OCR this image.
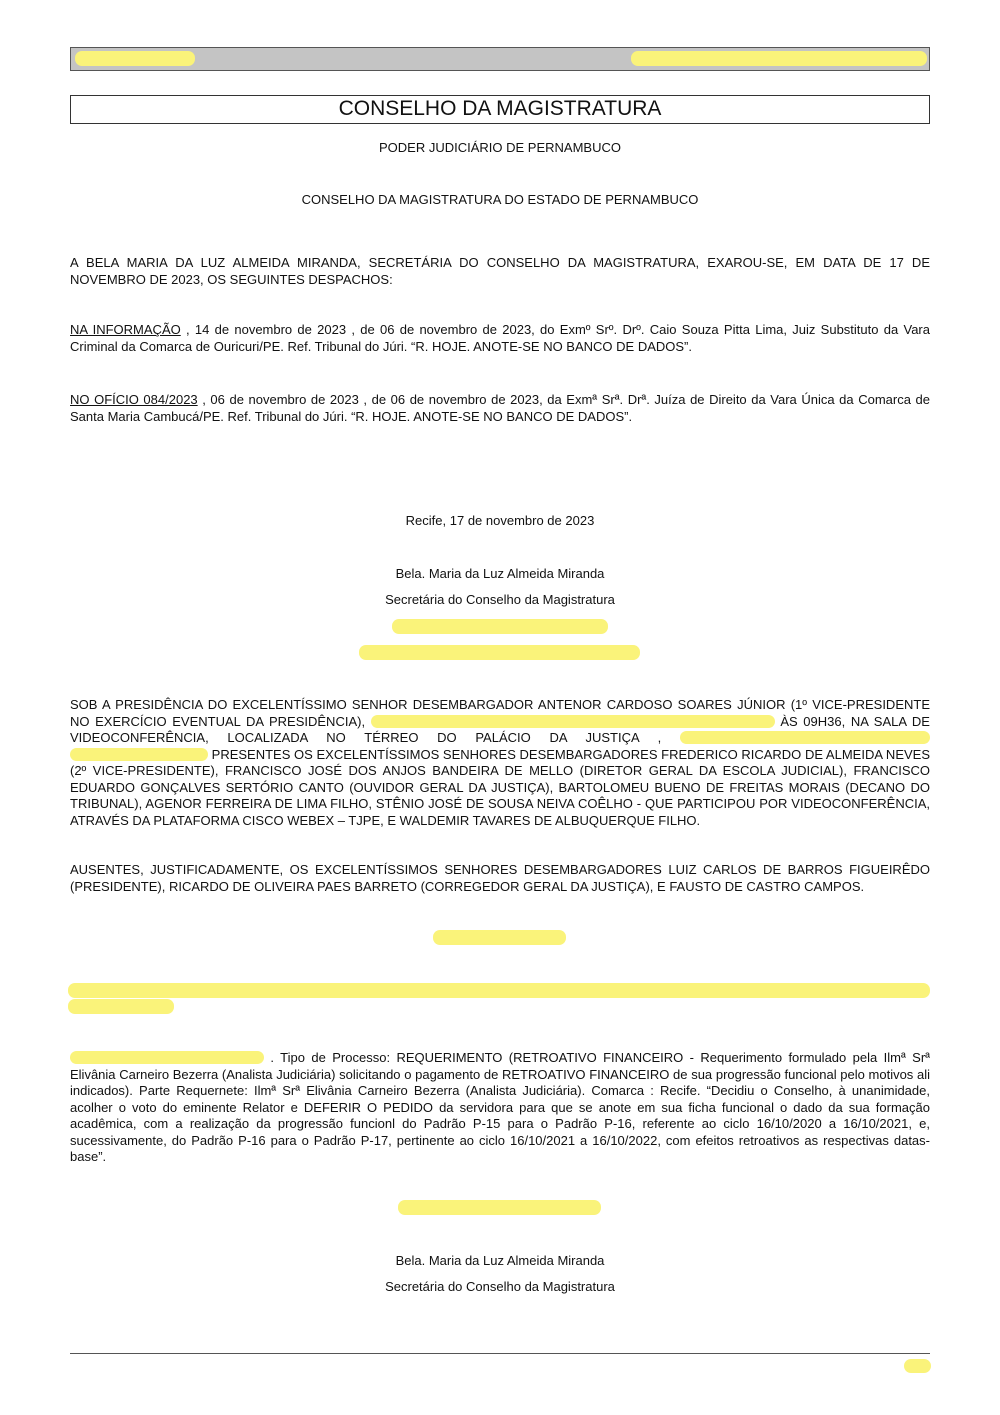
CONSELHO DA MAGISTRATURA
PODER JUDICIÁRIO DE PERNAMBUCO
CONSELHO DA MAGISTRATURA DO ESTADO DE PERNAMBUCO
A BELA MARIA DA LUZ ALMEIDA MIRANDA, SECRETÁRIA DO CONSELHO DA MAGISTRATURA, EXAROU-SE, EM DATA DE 17 DE NOVEMBRO DE 2023, OS SEGUINTES DESPACHOS:
NA INFORMAÇÃO , 14 de novembro de 2023 , de 06 de novembro de 2023, do Exmº Srº. Drº. Caio Souza Pitta Lima, Juiz Substituto da Vara Criminal da Comarca de Ouricuri/PE. Ref. Tribunal do Júri. “R. HOJE. ANOTE-SE NO BANCO DE DADOS”.
NO OFÍCIO 084/2023 , 06 de novembro de 2023 , de 06 de novembro de 2023, da Exmª Srª. Drª. Juíza de Direito da Vara Única da Comarca de Santa Maria Cambucá/PE. Ref. Tribunal do Júri. “R. HOJE. ANOTE-SE NO BANCO DE DADOS”.
Recife, 17 de novembro de 2023
Bela. Maria da Luz Almeida Miranda
Secretária do Conselho da Magistratura
SOB A PRESIDÊNCIA DO EXCELENTÍSSIMO SENHOR DESEMBARGADOR ANTENOR CARDOSO SOARES JÚNIOR (1º VICE-PRESIDENTE NO EXERCÍCIO EVENTUAL DA PRESIDÊNCIA),	ÀS 09H36, NA SALA DE VIDEOCONFERÊNCIA, LOCALIZADA NO TÉRREO DO PALÁCIO DA JUSTIÇA ,   PRESENTES OS EXCELENTÍSSIMOS SENHORES DESEMBARGADORES FREDERICO RICARDO DE ALMEIDA NEVES (2º VICE-PRESIDENTE), FRANCISCO JOSÉ DOS ANJOS BANDEIRA DE MELLO (DIRETOR GERAL DA ESCOLA JUDICIAL), FRANCISCO EDUARDO GONÇALVES SERTÓRIO CANTO (OUVIDOR GERAL DA JUSTIÇA), BARTOLOMEU BUENO DE FREITAS MORAIS (DECANO DO TRIBUNAL), AGENOR FERREIRA DE LIMA FILHO, STÊNIO JOSÉ DE SOUSA NEIVA COÊLHO - QUE PARTICIPOU POR VIDEOCONFERÊNCIA, ATRAVÉS DA PLATAFORMA CISCO WEBEX – TJPE, E WALDEMIR TAVARES DE ALBUQUERQUE FILHO.
AUSENTES, JUSTIFICADAMENTE, OS EXCELENTÍSSIMOS SENHORES DESEMBARGADORES LUIZ CARLOS DE BARROS FIGUEIRÊDO (PRESIDENTE), RICARDO DE OLIVEIRA PAES BARRETO (CORREGEDOR GERAL DA JUSTIÇA), E FAUSTO DE CASTRO CAMPOS.
. Tipo de Processo: REQUERIMENTO (RETROATIVO FINANCEIRO - Requerimento formulado pela Ilmª Srª Elivânia Carneiro Bezerra (Analista Judiciária) solicitando o pagamento de RETROATIVO FINANCEIRO de sua progressão funcional pelo motivos ali indicados). Parte Requernete: Ilmª Srª Elivânia Carneiro Bezerra (Analista Judiciária). Comarca : Recife. “Decidiu o Conselho, à unanimidade, acolher o voto do eminente Relator e DEFERIR O PEDIDO da servidora para que se anote em sua ficha funcional o dado da sua formação acadêmica, com a realização da progressão funcionl do Padrão P-15 para o Padrão P-16, referente ao ciclo 16/10/2020 a 16/10/2021, e, sucessivamente, do Padrão P-16 para o Padrão P-17, pertinente ao ciclo 16/10/2021 a 16/10/2022, com efeitos retroativos as respectivas datas-base”.
Bela. Maria da Luz Almeida Miranda
Secretária do Conselho da Magistratura
